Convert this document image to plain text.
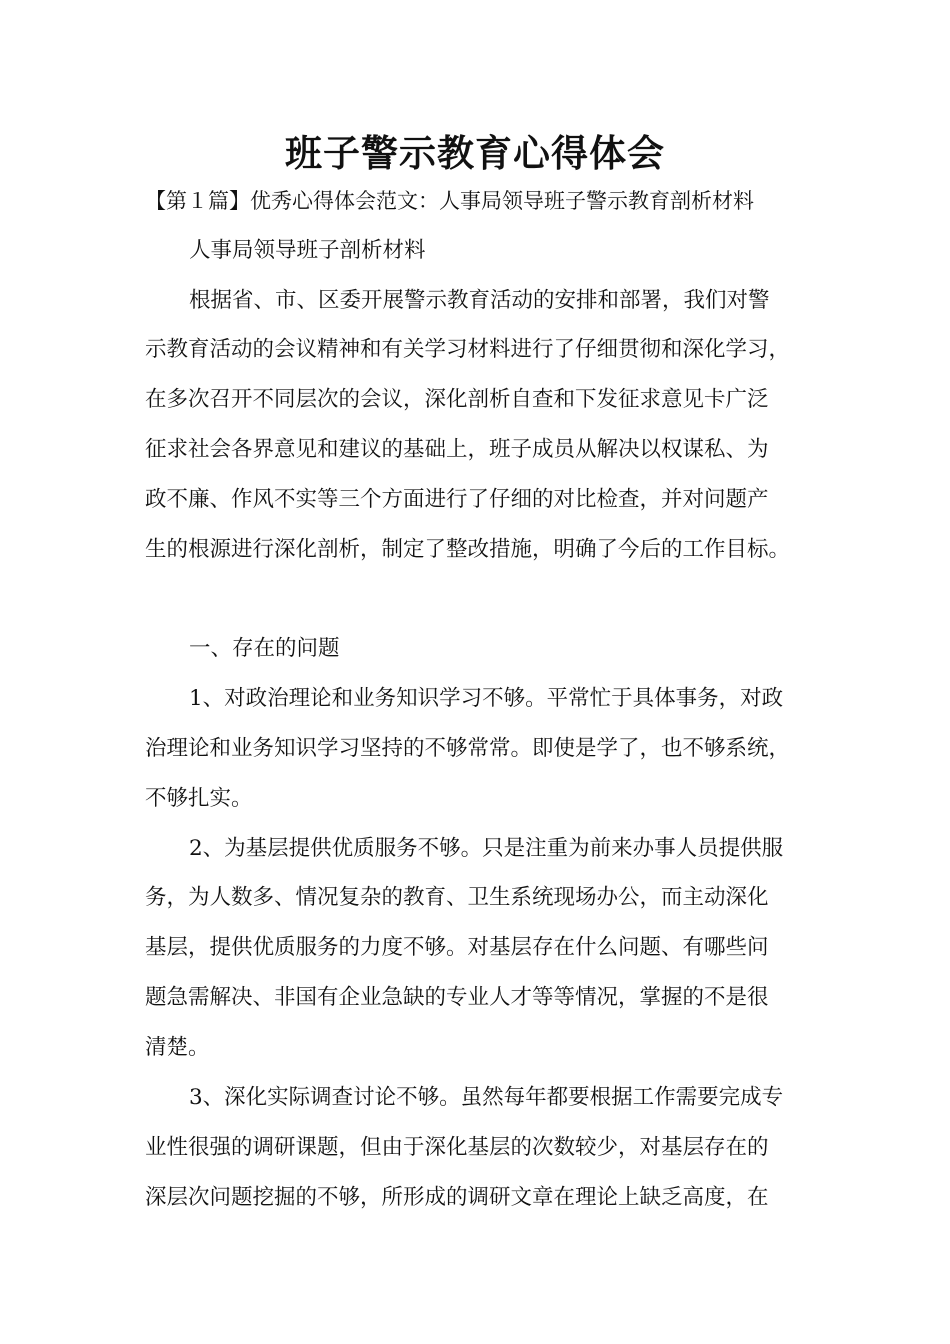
班子警示教育心得体会
【第１篇】优秀心得体会范文：人事局领导班子警示教育剖析材料
人事局领导班子剖析材料
根据省、市、区委开展警示教育活动的安排和部署，我们对警
示教育活动的会议精神和有关学习材料进行了仔细贯彻和深化学习，
在多次召开不同层次的会议，深化剖析自查和下发征求意见卡广泛
征求社会各界意见和建议的基础上，班子成员从解决以权谋私、为
政不廉、作风不实等三个方面进行了仔细的对比检查，并对问题产
生的根源进行深化剖析，制定了整改措施，明确了今后的工作目标。
一、存在的问题
1、对政治理论和业务知识学习不够。平常忙于具体事务，对政
治理论和业务知识学习坚持的不够常常。即使是学了，也不够系统，
不够扎实。
2、为基层提供优质服务不够。只是注重为前来办事人员提供服
务，为人数多、情况复杂的教育、卫生系统现场办公，而主动深化
基层，提供优质服务的力度不够。对基层存在什么问题、有哪些问
题急需解决、非国有企业急缺的专业人才等等情况，掌握的不是很
清楚。
3、深化实际调查讨论不够。虽然每年都要根据工作需要完成专
业性很强的调研课题，但由于深化基层的次数较少，对基层存在的
深层次问题挖掘的不够，所形成的调研文章在理论上缺乏高度，在
